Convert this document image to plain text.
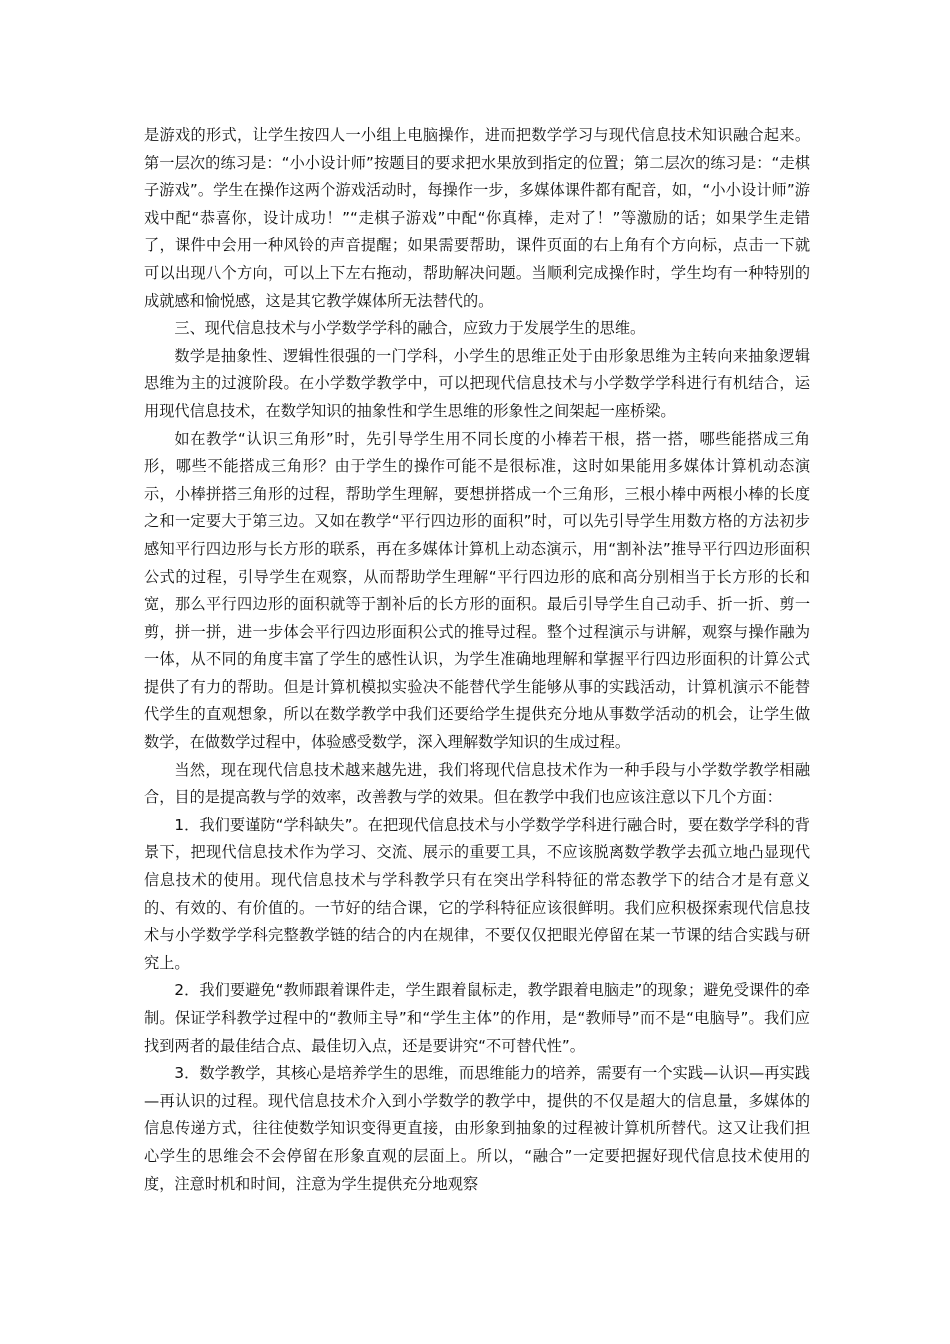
是游戏的形式，让学生按四人一小组上电脑操作，进而把数学学习与现代信息技术知识融合起来。第一层次的练习是：“小小设计师”按题目的要求把水果放到指定的位置；第二层次的练习是：“走棋子游戏”。学生在操作这两个游戏活动时，每操作一步，多媒体课件都有配音，如，“小小设计师”游戏中配“恭喜你，设计成功！”“走棋子游戏”中配“你真棒，走对了！”等激励的话；如果学生走错了，课件中会用一种风铃的声音提醒；如果需要帮助，课件页面的右上角有个方向标，点击一下就可以出现八个方向，可以上下左右拖动，帮助解决问题。当顺利完成操作时，学生均有一种特别的成就感和愉悦感，这是其它教学媒体所无法替代的。

三、现代信息技术与小学数学学科的融合，应致力于发展学生的思维。

数学是抽象性、逻辑性很强的一门学科，小学生的思维正处于由形象思维为主转向来抽象逻辑思维为主的过渡阶段。在小学数学教学中，可以把现代信息技术与小学数学学科进行有机结合，运用现代信息技术，在数学知识的抽象性和学生思维的形象性之间架起一座桥梁。

如在教学“认识三角形”时，先引导学生用不同长度的小棒若干根，搭一搭，哪些能搭成三角形，哪些不能搭成三角形？由于学生的操作可能不是很标准，这时如果能用多媒体计算机动态演示，小棒拼搭三角形的过程，帮助学生理解，要想拼搭成一个三角形，三根小棒中两根小棒的长度之和一定要大于第三边。又如在教学“平行四边形的面积”时，可以先引导学生用数方格的方法初步感知平行四边形与长方形的联系，再在多媒体计算机上动态演示，用“割补法”推导平行四边形面积公式的过程，引导学生在观察，从而帮助学生理解“平行四边形的底和高分别相当于长方形的长和宽，那么平行四边形的面积就等于割补后的长方形的面积。最后引导学生自己动手、折一折、剪一剪，拼一拼，进一步体会平行四边形面积公式的推导过程。整个过程演示与讲解，观察与操作融为一体，从不同的角度丰富了学生的感性认识，为学生准确地理解和掌握平行四边形面积的计算公式提供了有力的帮助。但是计算机模拟实验决不能替代学生能够从事的实践活动，计算机演示不能替代学生的直观想象，所以在数学教学中我们还要给学生提供充分地从事数学活动的机会，让学生做数学，在做数学过程中，体验感受数学，深入理解数学知识的生成过程。

当然，现在现代信息技术越来越先进，我们将现代信息技术作为一种手段与小学数学教学相融合，目的是提高教与学的效率，改善教与学的效果。但在教学中我们也应该注意以下几个方面：

1．我们要谨防“学科缺失”。在把现代信息技术与小学数学学科进行融合时，要在数学学科的背景下，把现代信息技术作为学习、交流、展示的重要工具，不应该脱离数学教学去孤立地凸显现代信息技术的使用。现代信息技术与学科教学只有在突出学科特征的常态教学下的结合才是有意义的、有效的、有价值的。一节好的结合课，它的学科特征应该很鲜明。我们应积极探索现代信息技术与小学数学学科完整教学链的结合的内在规律，不要仅仅把眼光停留在某一节课的结合实践与研究上。

2．我们要避免“教师跟着课件走，学生跟着鼠标走，教学跟着电脑走”的现象；避免受课件的牵制。保证学科教学过程中的“教师主导”和“学生主体”的作用，是“教师导”而不是“电脑导”。我们应找到两者的最佳结合点、最佳切入点，还是要讲究“不可替代性”。

3．数学教学，其核心是培养学生的思维，而思维能力的培养，需要有一个实践—认识—再实践—再认识的过程。现代信息技术介入到小学数学的教学中，提供的不仅是超大的信息量，多媒体的信息传递方式，往往使数学知识变得更直接，由形象到抽象的过程被计算机所替代。这又让我们担心学生的思维会不会停留在形象直观的层面上。所以，“融合”一定要把握好现代信息技术使用的度，注意时机和时间，注意为学生提供充分地观察
